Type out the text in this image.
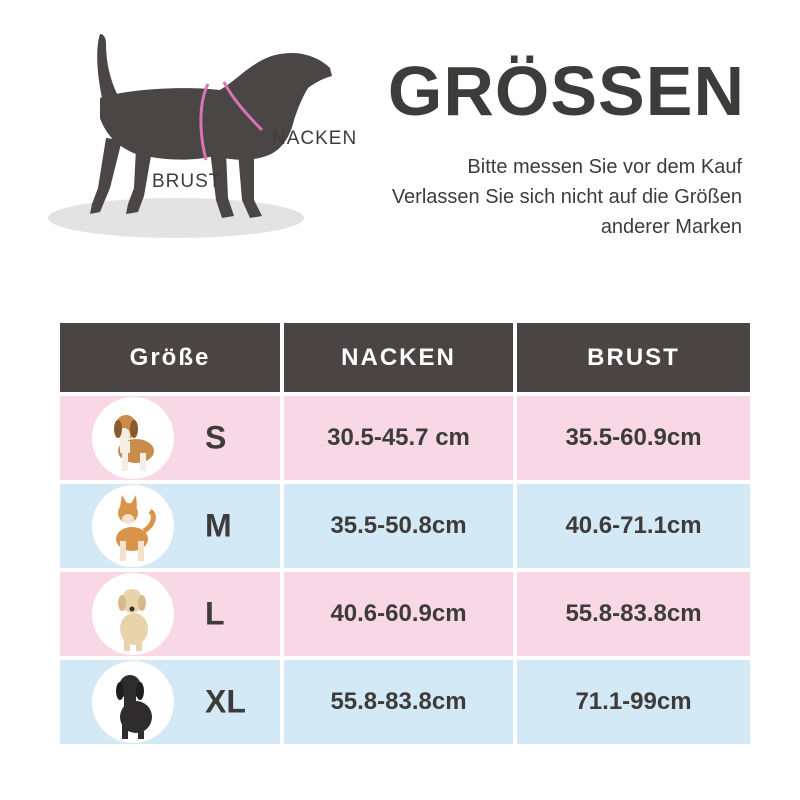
NACKEN
BRUST
GRÖSSEN
Bitte messen Sie vor dem Kauf
Verlassen Sie sich nicht auf die Größen
anderer Marken
Größe	NACKEN	BRUST
S	30.5-45.7 cm	35.5-60.9cm
M	35.5-50.8cm	40.6-71.1cm
L	40.6-60.9cm	55.8-83.8cm
XL	55.8-83.8cm	71.1-99cm
